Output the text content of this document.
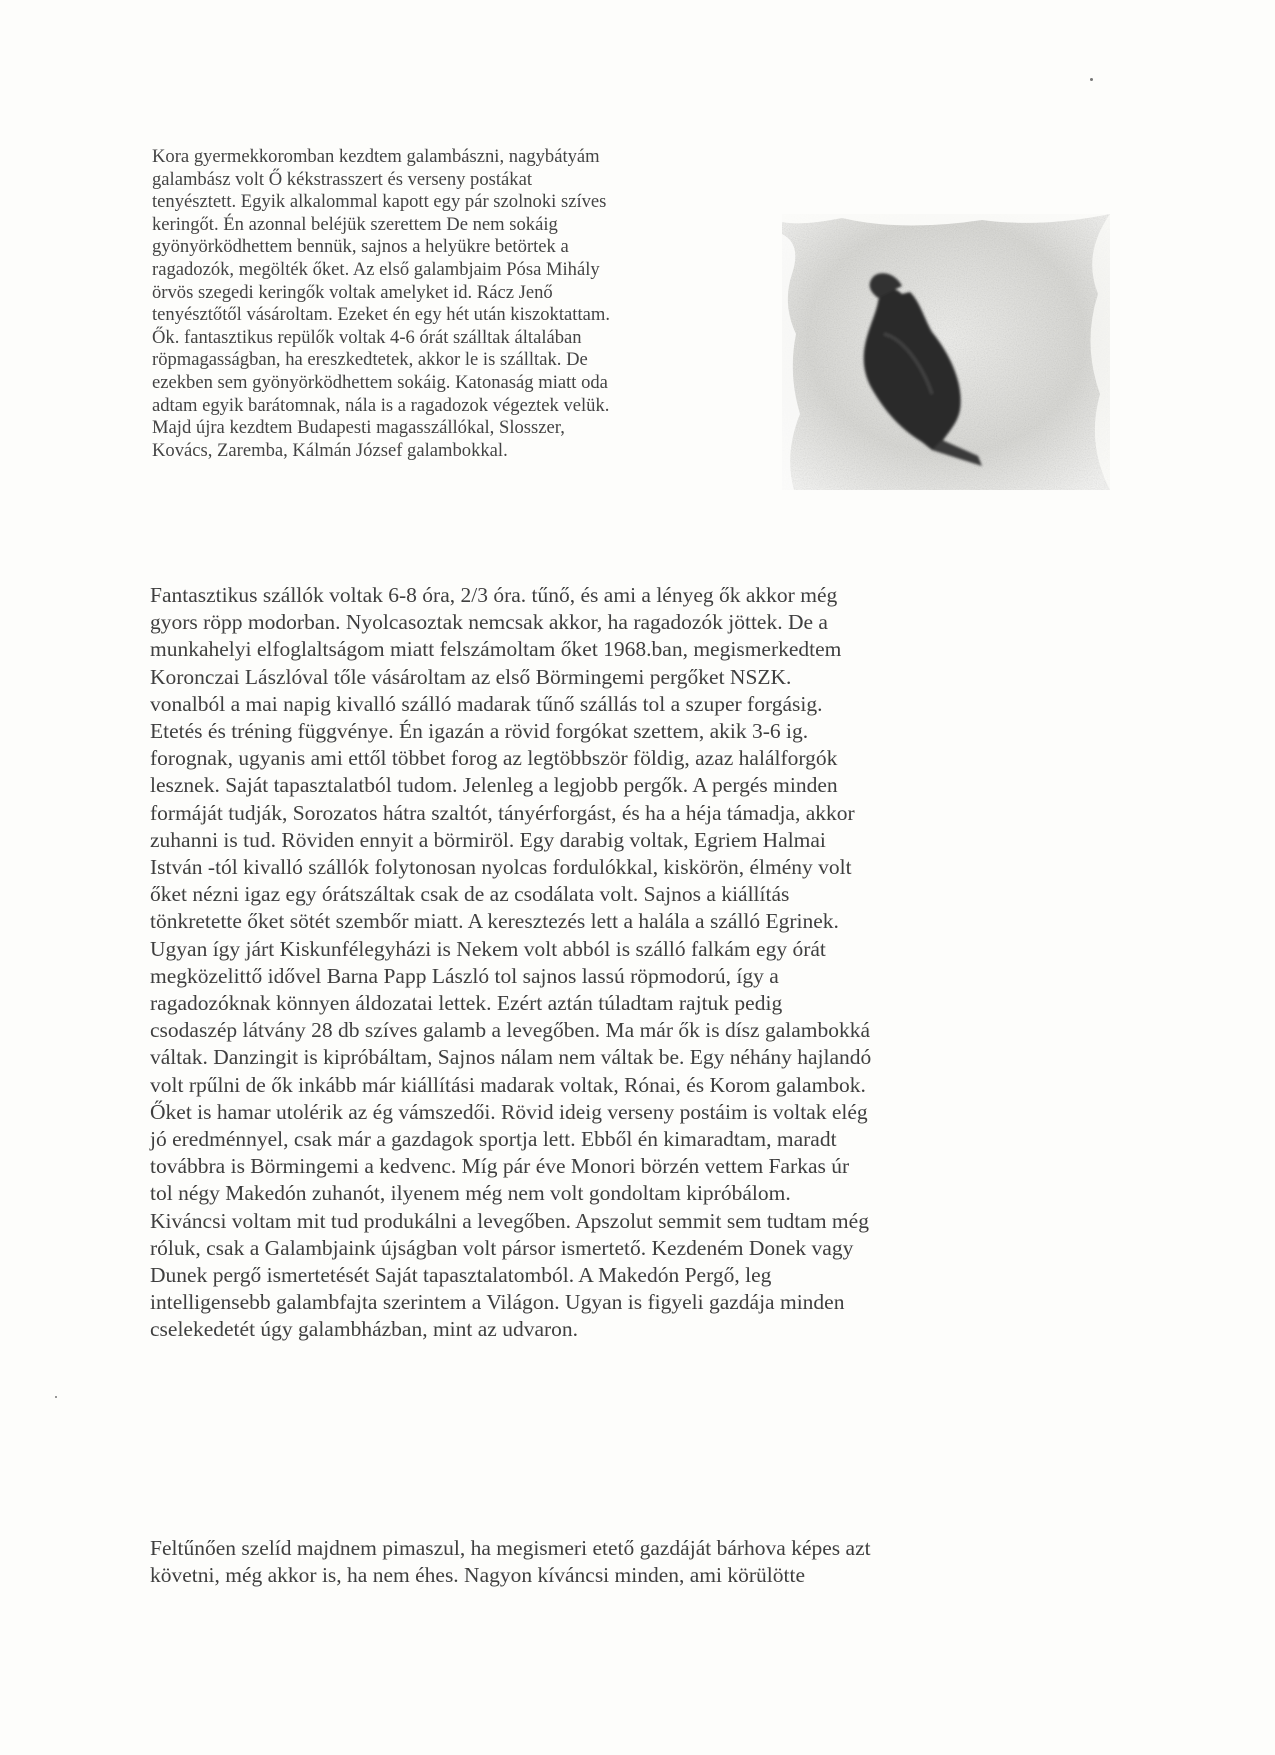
Kora gyermekkoromban kezdtem galambászni, nagybátyám
galambász volt Ő kékstrasszert és verseny postákat
tenyésztett. Egyik alkalommal kapott egy pár szolnoki szíves
keringőt. Én azonnal beléjük szerettem De nem sokáig
gyönyörködhettem bennük, sajnos a helyükre betörtek a
ragadozók, megölték őket. Az első galambjaim Pósa Mihály
örvös szegedi keringők voltak amelyket id. Rácz Jenő
tenyésztőtől vásároltam. Ezeket én egy hét után kiszoktattam.
Ők. fantasztikus repülők voltak 4-6 órát szálltak általában
röpmagasságban, ha ereszkedtetek, akkor le is szálltak. De
ezekben sem gyönyörködhettem sokáig. Katonaság miatt oda
adtam egyik barátomnak, nála is a ragadozok végeztek velük.
Majd újra kezdtem Budapesti magasszállókal, Slosszer,
Kovács, Zaremba, Kálmán József galambokkal.
Fantasztikus szállók voltak 6-8 óra, 2/3 óra. tűnő, és ami a lényeg ők akkor még
gyors röpp modorban. Nyolcasoztak nemcsak akkor, ha ragadozók jöttek. De a
munkahelyi elfoglaltságom miatt felszámoltam őket 1968.ban, megismerkedtem
Koronczai Lászlóval tőle vásároltam az első Börmingemi pergőket NSZK.
vonalból a mai napig kivalló szálló madarak tűnő szállás tol a szuper forgásig.
Etetés és tréning függvénye. Én igazán a rövid forgókat szettem, akik 3-6 ig.
forognak, ugyanis ami ettől többet forog az legtöbbször földig, azaz halálforgók
lesznek. Saját tapasztalatból tudom. Jelenleg a legjobb pergők. A pergés minden
formáját tudják, Sorozatos hátra szaltót, tányérforgást, és ha a héja támadja, akkor
zuhanni is tud. Röviden ennyit a börmiröl. Egy darabig voltak, Egriem Halmai
István -tól kivalló szállók folytonosan nyolcas fordulókkal, kiskörön, élmény volt
őket nézni igaz egy órátszáltak csak de az csodálata volt. Sajnos a kiállítás
tönkretette őket sötét szembőr miatt. A keresztezés lett a halála a szálló Egrinek.
Ugyan így járt Kiskunfélegyházi is Nekem volt abból is szálló falkám egy órát
megközelittő idővel Barna Papp László tol sajnos lassú röpmodorú, így a
ragadozóknak könnyen áldozatai lettek. Ezért aztán túladtam rajtuk pedig
csodaszép látvány 28 db szíves galamb a levegőben. Ma már ők is dísz galambokká
váltak. Danzingit is kipróbáltam, Sajnos nálam nem váltak be. Egy néhány hajlandó
volt rpűlni de ők inkább már kiállítási madarak voltak, Rónai, és Korom galambok.
Őket is hamar utolérik az ég vámszedői. Rövid ideig verseny postáim is voltak elég
jó eredménnyel, csak már a gazdagok sportja lett. Ebből én kimaradtam, maradt
továbbra is Börmingemi a kedvenc. Míg pár éve Monori börzén vettem Farkas úr
tol négy Makedón zuhanót, ilyenem még nem volt gondoltam kipróbálom.
Kiváncsi voltam mit tud produkálni a levegőben. Apszolut semmit sem tudtam még
róluk, csak a Galambjaink újságban volt pársor ismertető. Kezdeném Donek vagy
Dunek pergő ismertetését Saját tapasztalatomból. A Makedón Pergő, leg
intelligensebb galambfajta szerintem a Világon. Ugyan is figyeli gazdája minden
cselekedetét úgy galambházban, mint az udvaron.
Feltűnően szelíd majdnem pimaszul, ha megismeri etető gazdáját bárhova képes azt
követni, még akkor is, ha nem éhes. Nagyon kíváncsi minden, ami körülötte
